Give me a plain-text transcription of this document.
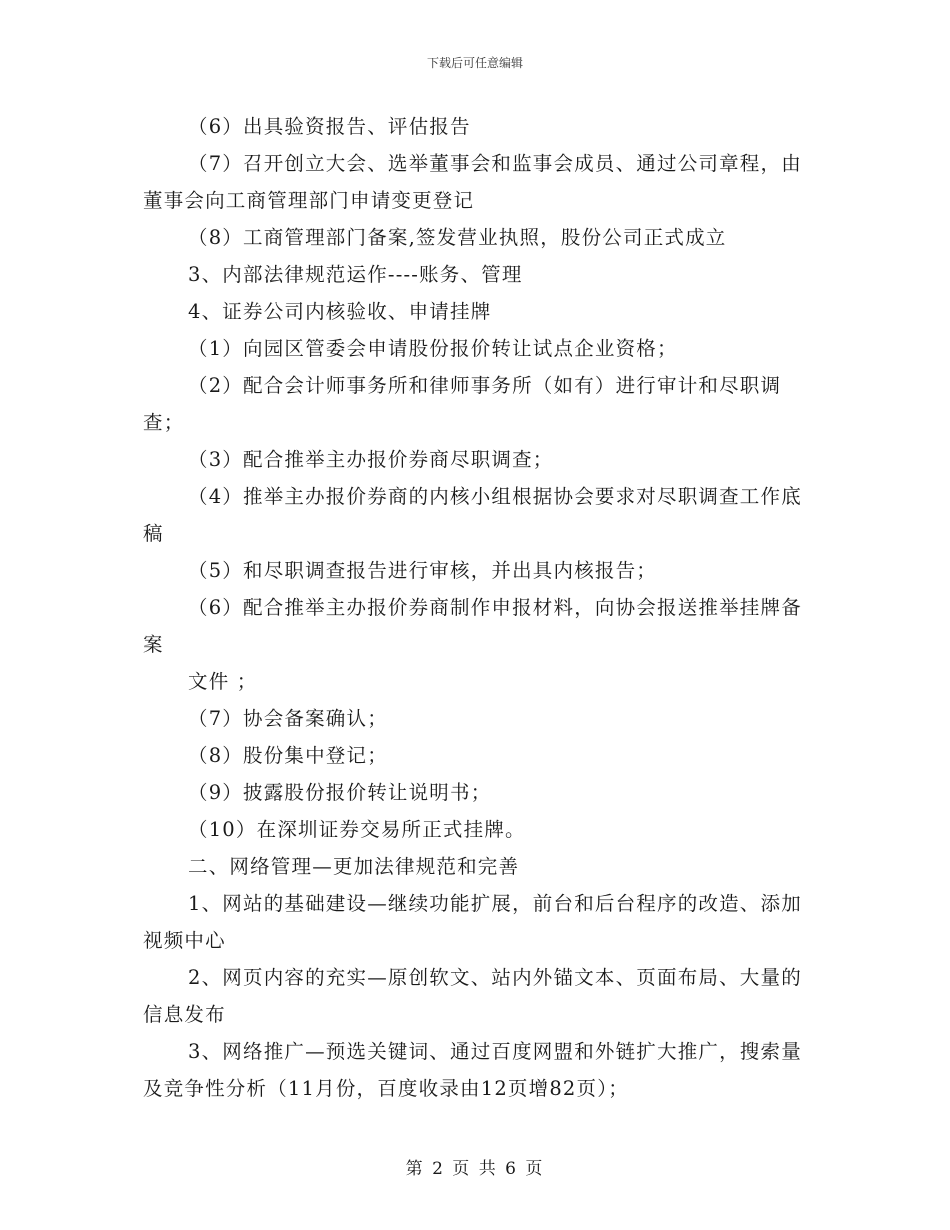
下载后可任意编辑

（6）出具验资报告、评估报告

（7）召开创立大会、选举董事会和监事会成员、通过公司章程，由董事会向工商管理部门申请变更登记

（8）工商管理部门备案,签发营业执照，股份公司正式成立

3、内部法律规范运作----账务、管理

4、证券公司内核验收、申请挂牌

（1）向园区管委会申请股份报价转让试点企业资格；

（2）配合会计师事务所和律师事务所（如有）进行审计和尽职调查；

（3）配合推举主办报价券商尽职调查；

（4）推举主办报价券商的内核小组根据协会要求对尽职调查工作底稿

（5）和尽职调查报告进行审核，并出具内核报告；

（6）配合推举主办报价券商制作申报材料，向协会报送推举挂牌备案

文件 ；

（7）协会备案确认；

（8）股份集中登记；

（9）披露股份报价转让说明书；

（10）在深圳证券交易所正式挂牌。

二、网络管理—更加法律规范和完善

1、网站的基础建设—继续功能扩展，前台和后台程序的改造、添加视频中心

2、网页内容的充实—原创软文、站内外锚文本、页面布局、大量的信息发布

3、网络推广—预选关键词、通过百度网盟和外链扩大推广，搜索量及竞争性分析（11月份，百度收录由12页增82页）；

第 2 页 共 6 页
